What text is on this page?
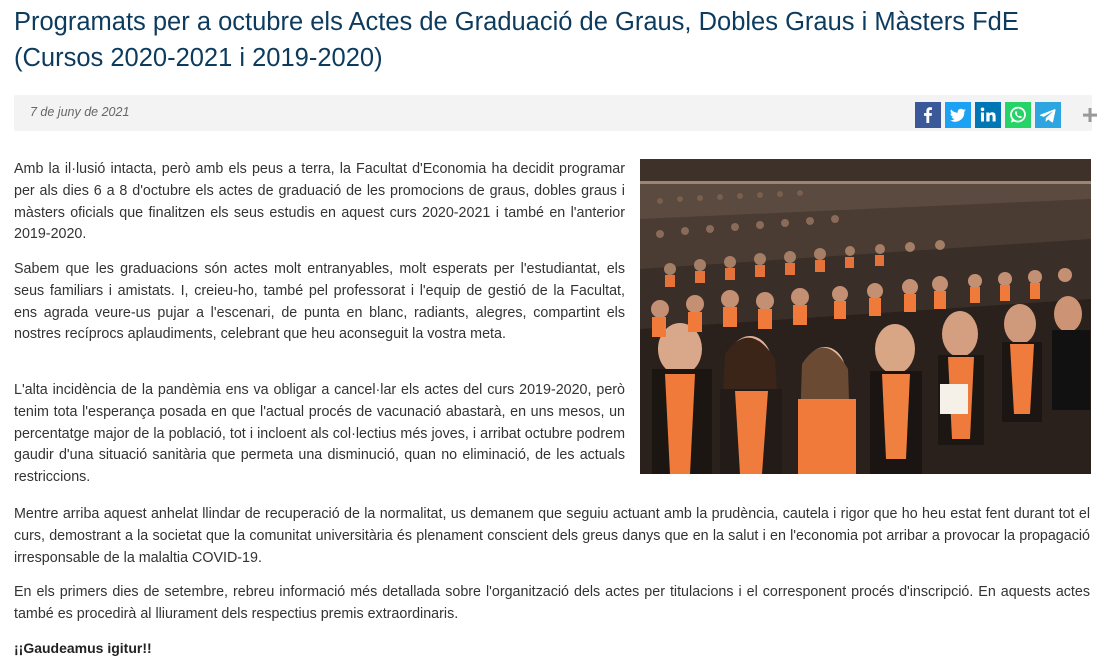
Programats per a octubre els Actes de Graduació de Graus, Dobles Graus i Màsters FdE (Cursos 2020-2021 i 2019-2020)
7 de juny de 2021

Amb la il·lusió intacta, però amb els peus a terra, la Facultat d'Economia ha decidit programar per als dies 6 a 8 d'octubre els actes de graduació de les promocions de graus, dobles graus i màsters oficials que finalitzen els seus estudis en aquest curs 2020-2021 i també en l'anterior 2019-2020.

Sabem que les graduacions són actes molt entranyables, molt esperats per l'estudiantat, els seus familiars i amistats. I, creieu-ho, també pel professorat i l'equip de gestió de la Facultat, ens agrada veure-us pujar a l'escenari, de punta en blanc, radiants, alegres, compartint els nostres recíprocs aplaudiments, celebrant que heu aconseguit la vostra meta.

L'alta incidència de la pandèmia ens va obligar a cancel·lar els actes del curs 2019-2020, però tenim tota l'esperança posada en que l'actual procés de vacunació abastarà, en uns mesos, un percentatge major de la població, tot i incloent als col·lectius més joves, i arribat octubre podrem gaudir d'una situació sanitària que permeta una disminució, quan no eliminació, de les actuals restriccions.

Mentre arriba aquest anhelat llindar de recuperació de la normalitat, us demanem que seguiu actuant amb la prudència, cautela i rigor que ho heu estat fent durant tot el curs, demostrant a la societat que la comunitat universitària és plenament conscient dels greus danys que en la salut i en l'economia pot arribar a provocar la propagació irresponsable de la malaltia COVID-19.

En els primers dies de setembre, rebreu informació més detallada sobre l'organització dels actes per titulacions i el corresponent procés d'inscripció. En aquests actes també es procedirà al lliurament dels respectius premis extraordinaris.

¡¡Gaudeamus igitur!!
